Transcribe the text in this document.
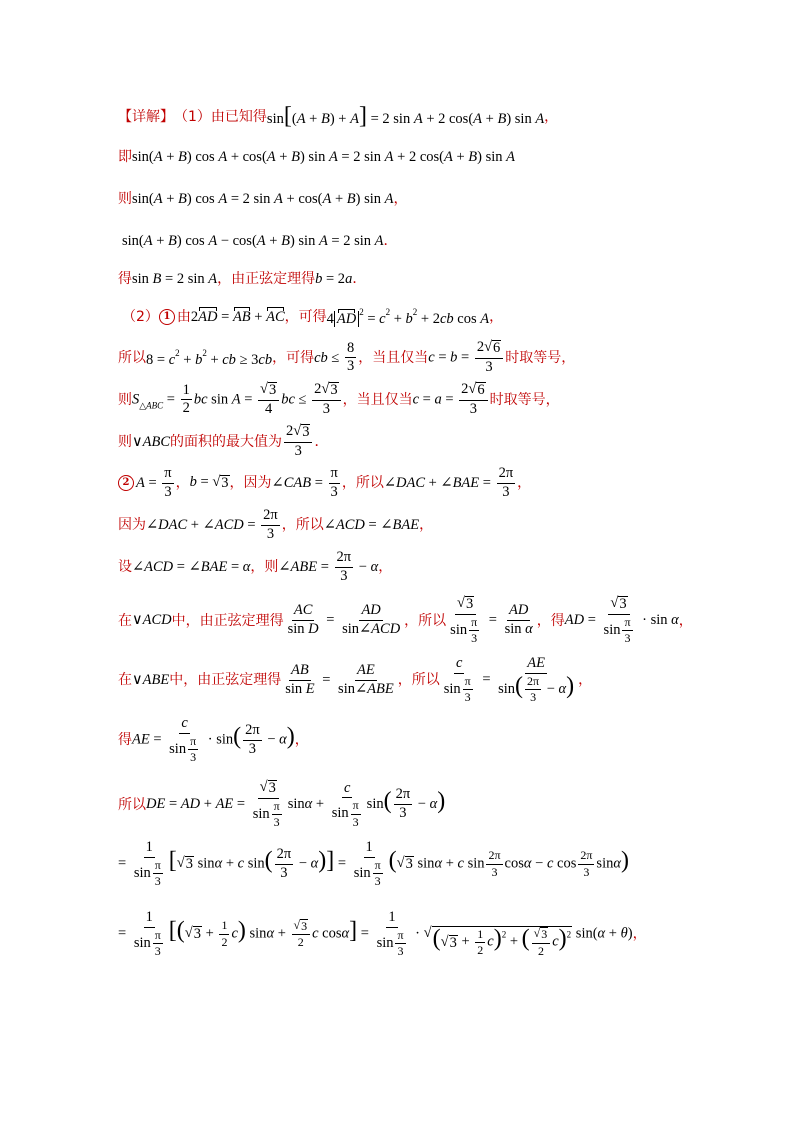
【详解】 （1） 由已知得 sin[(A + B) + A] = 2 sin A + 2 cos(A + B) sin A ，
即 sin(A + B) cos A + cos(A + B) sin A = 2 sin A + 2 cos(A + B) sin A
则 sin(A + B) cos A = 2 sin A + cos(A + B) sin A ，
sin(A + B) cos A − cos(A + B) sin A = 2 sin A ．
得 sin B = 2 sin A ，由正弦定理得 b = 2a ．
（2） 1 由 2AD = AB + AC ，可得 4 AD $^2 = c^2 + b^2 + 2cb$ cos A ，
所以 $8 = c^2 + b^2$ + cb ≥ 3cb ，可得 cb ≤ $\frac{8}{3}$ ，当且仅当 $c = b = \frac{2 √ 6}{3}$ 时取等号，
则 $S_{\triangle ABC} = \frac{1}{2}$ bc $\sin A = \frac{√ 3}{4}$ bc ≤ $\frac{2 √ 3}{3}$ ，当且仅当 $c = a = \frac{2 √ 6}{3}$ 时取等号，
则 ∨ABC 的面积的最大值为 $\frac{2 √ 3}{3}$ ．
2 $A = \frac{\pi}{3}$ ， b = √ 3 ，因为 ∠CAB = $\frac{\pi}{3}$ ，所以 ∠DAC + ∠BAE = $\frac{2\pi}{3}$ ，
因为 ∠DAC + ∠ACD = $\frac{2\pi}{3}$ ，所以 ∠ACD = ∠BAE ，
设 ∠ACD = ∠BAE = α ，则 ∠ABE = $\frac{2\pi}{3} - \alpha$ ，
在 ∨ACD 中，由正弦定理得 $\frac{AC}{\text{sin D}} = \frac{AD}{\text{sin∠ACD}}$ ，所以 $\frac{√ 3}{\sin \frac{\pi}{3}} = \frac{AD}{\text{sin α}}$ ，得 AD = $\frac{√ 3}{\sin \frac{\pi}{3}} \cdot \sin \alpha$ ，
在 ∨ABE 中，由正弦定理得 $\frac{AB}{\text{sin E}} = \frac{AE}{\text{sin∠ABE}}$ ，所以 $\frac{c}{\sin \frac{\pi}{3}} = \frac{AE}{\sin( \frac{2\pi}{3} - \alpha)}$ ，
得 AE = $\frac{c}{\sin \frac{\pi}{3}} \cdot \sin( \frac{2\pi}{3} - \alpha)$ ，
所以 DE = AD + AE = $\frac{√ 3}{\sin \frac{\pi}{3}}$ $\sin\alpha + \frac{c}{\sin \frac{\pi}{3}} \sin( \frac{2\pi}{3} - \alpha)$
= $\frac{1}{\sin \frac{\pi}{3}}$ [ √ 3 sinα + c $\sin( \frac{2\pi}{3} - \alpha)] = \frac{1}{\sin \frac{\pi}{3}}$ ( √ 3 sinα + c $\sin \frac{2\pi}{3}$ cosα − c $\cos \frac{2\pi}{3} \sin\alpha$)
= $\frac{1}{\sin \frac{\pi}{3}}$ [( √ $3 + \frac{1}{2} c$) $\sin\alpha + \frac{√ 3}{2}$ c $\cos\alpha] = \frac{1}{\sin \frac{\pi}{3}}$ · √ ( √ $3 + \frac{1}{2} c)^2$ + ( $\frac{√ 3}{2} c)^2$ sin(α + θ) ，
